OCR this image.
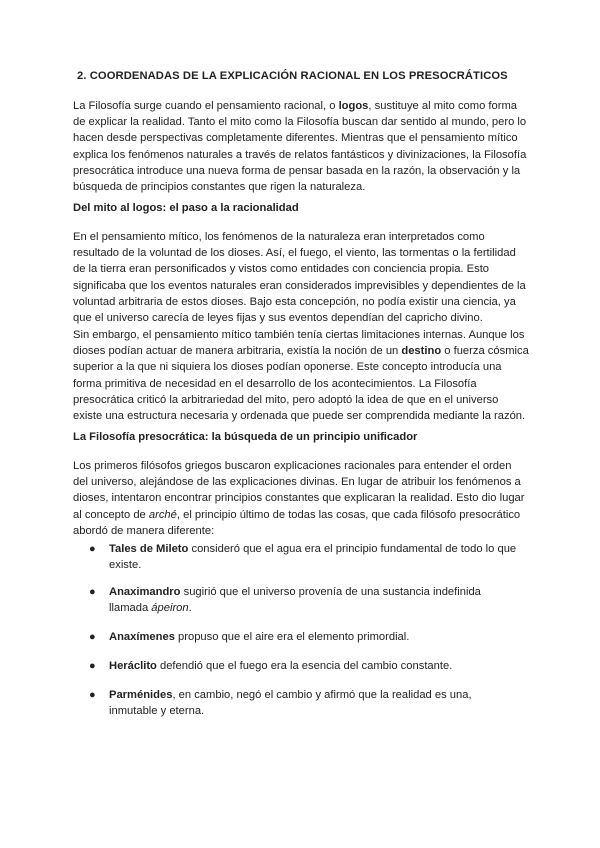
2. COORDENADAS DE LA EXPLICACIÓN RACIONAL EN LOS PRESOCRÁTICOS

La Filosofía surge cuando el pensamiento racional, o logos, sustituye al mito como forma de explicar la realidad. Tanto el mito como la Filosofía buscan dar sentido al mundo, pero lo hacen desde perspectivas completamente diferentes. Mientras que el pensamiento mítico explica los fenómenos naturales a través de relatos fantásticos y divinizaciones, la Filosofía presocrática introduce una nueva forma de pensar basada en la razón, la observación y la búsqueda de principios constantes que rigen la naturaleza.

Del mito al logos: el paso a la racionalidad

En el pensamiento mítico, los fenómenos de la naturaleza eran interpretados como resultado de la voluntad de los dioses. Así, el fuego, el viento, las tormentas o la fertilidad de la tierra eran personificados y vistos como entidades con conciencia propia. Esto significaba que los eventos naturales eran considerados imprevisibles y dependientes de la voluntad arbitraria de estos dioses. Bajo esta concepción, no podía existir una ciencia, ya que el universo carecía de leyes fijas y sus eventos dependían del capricho divino.

Sin embargo, el pensamiento mítico también tenía ciertas limitaciones internas. Aunque los dioses podían actuar de manera arbitraria, existía la noción de un destino o fuerza cósmica superior a la que ni siquiera los dioses podían oponerse. Este concepto introducía una forma primitiva de necesidad en el desarrollo de los acontecimientos. La Filosofía presocrática criticó la arbitrariedad del mito, pero adoptó la idea de que en el universo existe una estructura necesaria y ordenada que puede ser comprendida mediante la razón.

La Filosofía presocrática: la búsqueda de un principio unificador

Los primeros filósofos griegos buscaron explicaciones racionales para entender el orden del universo, alejándose de las explicaciones divinas. En lugar de atribuir los fenómenos a dioses, intentaron encontrar principios constantes que explicaran la realidad. Esto dio lugar al concepto de arché, el principio último de todas las cosas, que cada filósofo presocrático abordó de manera diferente:

● Tales de Mileto consideró que el agua era el principio fundamental de todo lo que existe.
● Anaximandro sugirió que el universo provenía de una sustancia indefinida llamada ápeiron.
● Anaxímenes propuso que el aire era el elemento primordial.
● Heráclito defendió que el fuego era la esencia del cambio constante.
● Parménides, en cambio, negó el cambio y afirmó que la realidad es una, inmutable y eterna.
